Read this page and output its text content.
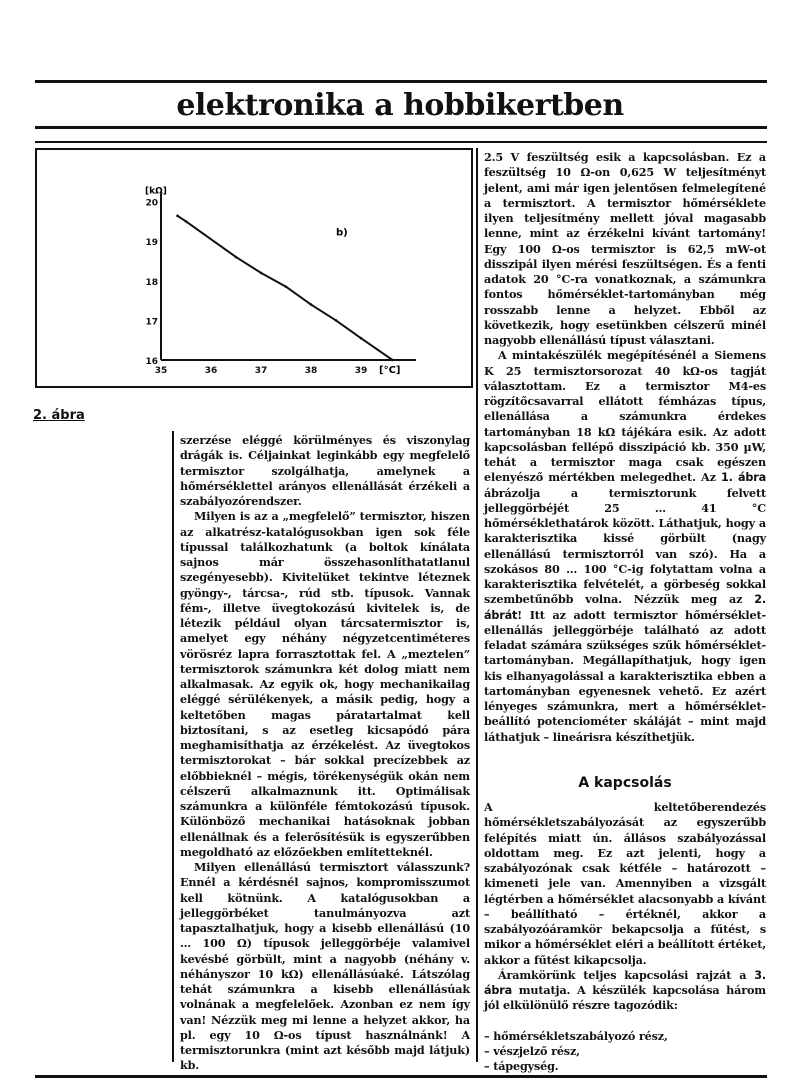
elektronika a hobbikertben
35	36	37	38	39
16
17
18
19
20
[kΩ]
[°C]
b)
2. ábra

szerzése eléggé körülményes és viszonylag drágák is. Céljainkat leginkább egy megfelelő termisztor szolgálhatja, amelynek a hőmérséklettel arányos ellenállását érzékeli a szabályozórendszer.

Milyen is az a „megfelelő” termisztor, hiszen az alkatrész-katalógusokban igen sok féle típussal találkozhatunk (a boltok kínálata sajnos már összehasonlíthatatlanul szegényesebb). Kivitelüket tekintve léteznek gyöngy-, tárcsa-, rúd stb. típusok. Vannak fém-, illetve üvegtokozású kivitelek is, de létezik például olyan tárcsatermisztor is, amelyet egy néhány négyzetcentiméteres vörösréz lapra forrasztottak fel. A „meztelen” termisztorok számunkra két dolog miatt nem alkalmasak. Az egyik ok, hogy mechanikailag eléggé sérülékenyek, a másik pedig, hogy a keltetőben magas páratartalmat kell biztosítani, s az esetleg kicsapódó pára meghamisíthatja az érzékelést. Az üvegtokos termisztorokat – bár sokkal precízebbek az előbbieknél – mégis, törékenységük okán nem célszerű alkalmaznunk itt. Optimálisak számunkra a különféle fémtokozású típusok. Különböző mechanikai hatásoknak jobban ellenállnak és a felerősítésük is egyszerűbben megoldható az előzőekben említetteknél.

Milyen ellenállású termisztort válasszunk? Ennél a kérdésnél sajnos, kompromisszumot kell kötnünk. A katalógusokban a jelleggörbéket tanulmányozva azt tapasztalhatjuk, hogy a kisebb ellenállású (10 … 100 Ω) típusok jelleggörbéje valamivel kevésbé görbült, mint a nagyobb (néhány v. néhányszor 10 kΩ) ellenállásúaké. Látszólag tehát számunkra a kisebb ellenállásúak volnának a megfelelőek. Azonban ez nem így van! Nézzük meg mi lenne a helyzet akkor, ha pl. egy 10 Ω-os típust használnánk! A termisztorunkra (mint azt később majd látjuk) kb.

2.5 V feszültség esik a kapcsolásban. Ez a feszültség 10 Ω-on 0,625 W teljesítményt jelent, ami már igen jelentősen felmelegítené a termisztort. A termisztor hőmérséklete ilyen teljesítmény mellett jóval magasabb lenne, mint az érzékelni kívánt tartomány! Egy 100 Ω-os termisztor is 62,5 mW-ot disszipál ilyen mérési feszültségen. És a fenti adatok 20 °C-ra vonatkoznak, a számunkra fontos hőmérséklet-tartományban még rosszabb lenne a helyzet. Ebből az következik, hogy esetünkben célszerű minél nagyobb ellenállású típust választani.

A mintakészülék megépítésénél a Siemens K 25 termisztorsorozat 40 kΩ-os tagját választottam. Ez a termisztor M4-es rögzítőcsavarral ellátott fémházas típus, ellenállása a számunkra érdekes tartományban 18 kΩ tájékára esik. Az adott kapcsolásban fellépő disszipáció kb. 350 µW, tehát a termisztor maga csak egészen elenyésző mértékben melegedhet. Az 1. ábra ábrázolja a termisztorunk felvett jelleggörbéjét 25 … 41 °C hőmérséklethatárok között. Láthatjuk, hogy a karakterisztika kissé görbült (nagy ellenállású termisztorról van szó). Ha a szokásos 80 … 100 °C-ig folytattam volna a karakterisztika felvételét, a görbeség sokkal szembetűnőbb volna. Nézzük meg az 2. ábrát! Itt az adott termisztor hőmérséklet-ellenállás jelleggörbéje található az adott feladat számára szükséges szűk hőmérséklet-tartományban. Megállapíthatjuk, hogy igen kis elhanyagolással a karakterisztika ebben a tartományban egyenesnek vehető. Ez azért lényeges számunkra, mert a hőmérséklet-beállító potenciométer skáláját – mint majd láthatjuk – lineárisra készíthetjük.

A kapcsolás

A keltetőberendezés hőmérsékletszabályozását az egyszerűbb felépítés miatt ún. állásos szabályozással oldottam meg. Ez azt jelenti, hogy a szabályozónak csak kétféle – határozott – kimeneti jele van. Amennyiben a vizsgált légtérben a hőmérséklet alacsonyabb a kívánt – beállítható – értéknél, akkor a szabályozóáramkör bekapcsolja a fűtést, s mikor a hőmérséklet eléri a beállított értéket, akkor a fűtést kikapcsolja.

Áramkörünk teljes kapcsolási rajzát a 3. ábra mutatja. A készülék kapcsolása három jól elkülönülő részre tagozódik:

– hőmérsékletszabályozó rész,
– vészjelző rész,
– tápegység.
